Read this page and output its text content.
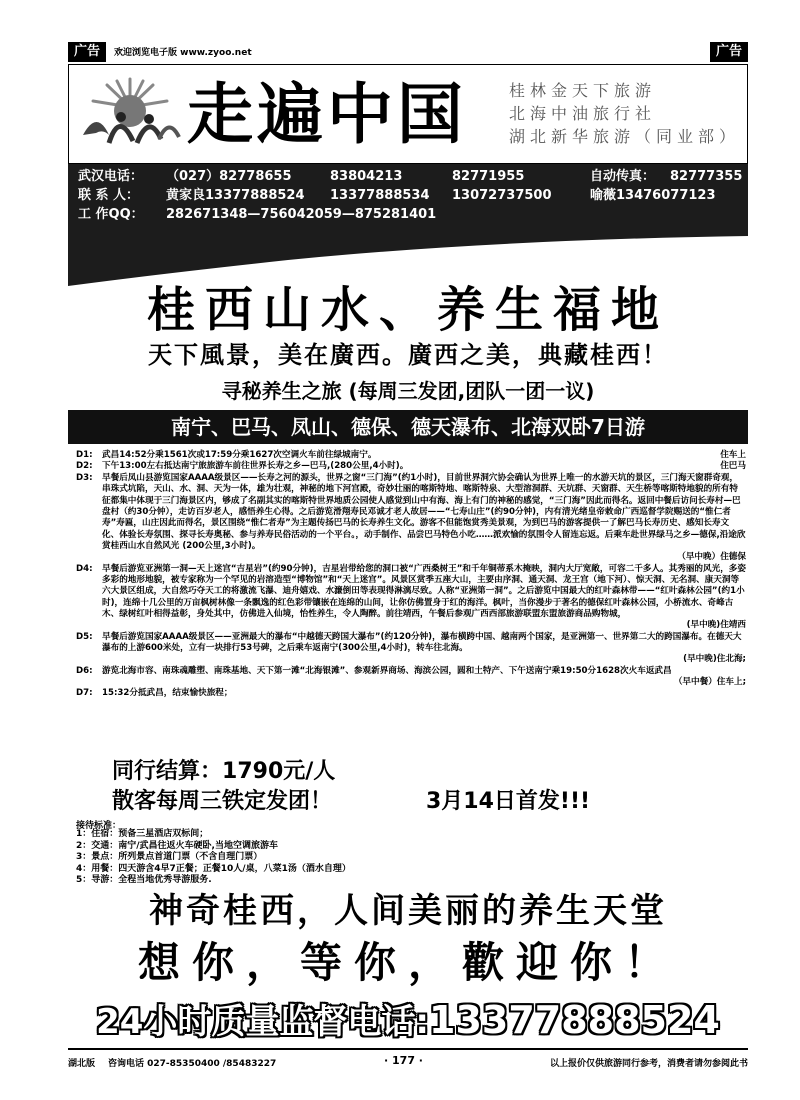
广告	欢迎浏览电子版 www.zyoo.net	广告
走遍中国	桂林金天下旅游
北海中油旅行社
湖北新华旅游（同业部）
武汉电话： （027）82778655	83804213	82771955	自动传真： 82777355
联 系 人： 黄家良13377888524 13377888534 13072737500	喻薇13476077123
工 作QQ： 282671348—756042059—875281401
桂西山水、养生福地
天下風景，美在廣西。廣西之美，典藏桂西！
寻秘养生之旅 (每周三发团,团队一团一议)
南宁、巴马、凤山、德保、德天瀑布、北海双卧7日游
D1:	武昌14:52分乘1561次或17:59分乘1627次空调火车前往绿城南宁。	住车上
D2:	下午13:00左右抵达南宁旅旅游车前往世界长寿之乡—巴马,(280公里,4小时)。	住巴马
D3:	早餐后凤山县游览国家AAAA级景区——长寿之河的源头，世界之窗“三门海”(约1小时)，目前世界洞穴协会确认为世界上唯一的水游天坑的景区，三门海天窗群奇观，串珠式坑陷，天山、水、洞、天为一体，雄为壮观，神秘的地下河宫殿，奇妙壮丽的喀斯特地、喀斯特泉、大型溶洞群、天坑群、天窗群、天生桥等喀斯特地貌的所有特征都集中体现于三门海景区内，够成了名副其实的喀斯特世界地质公园使人感觉到山中有海、海上有门的神秘的感觉，“三门海”因此而得名。返回中餐后访问长寿村—巴盘村（约30分钟），走访百岁老人，感悟养生心得。之后游览滑翔寿民邓诚才老人故居——“七寿山庄”(约90分钟)，内有清光绪皇帝敕命广西巡督学院赐送的“惟仁者寿”寿匾，山庄因此而得名，景区围绕“惟仁者寿”为主题传扬巴马的长寿养生文化。游客不但能饱赏秀美景观，为到巴马的游客提供一了解巴马长寿历史、感知长寿文化、体验长寿氛围、探寻长寿奥秘、参与养寿民俗活动的一个平台。，动手制作、品尝巴马特色小吃……派欢愉的氛围令人留连忘返。后乘车赴世界绿马之乡—德保,沿途欣赏桂西山水自然风光 (200公里,3小时)。
（早中晚）住德保
D4:	早餐后游览亚洲第一洞—天上迷宫“吉星岩”(约90分钟)，吉星岩带给您的洞口被“广西桑树王”和千年铜蒂系木掩映，洞内大厅宽敞，可容二千多人。其秀丽的风光，多姿多彩的地形地貌，被专家称为一个罕见的岩溶造型“博物馆”和“天上迷宫”。风景区赏季五座大山，主要由序洞、通天洞、龙王宫（地下河）、惊天洞、无名洞、康天洞等六大景区组成，大自然巧夺天工的将激流飞瀑、迪舟嬉戏、水濂倒田等表现得淋漓尽致。人称“亚洲第一洞”。之后游览中国最大的红叶森林带——“红叶森林公园”(约1小时)，连绵十几公里的万亩枫树林像一条飘逸的红色彩带镶嵌在连绵的山间，让你仿佛置身于红的海洋。枫叶，当你漫步于著名的德保红叶森林公园，小桥流水、奇峰古木、绿树红叶相得益彰，身处其中，仿佛进入仙境，怡性养生，令人陶醉。前往靖西，午餐后参观广西西部旅游联盟东盟旅游商品购物城，
(早中晚)住靖西
D5:	早餐后游览国家AAAA级景区——亚洲最大的瀑布“中越德天跨国大瀑布”(约120分钟)，瀑布横跨中国、越南两个国家，是亚洲第一、世界第二大的跨国瀑布。在德天大瀑布的上游600米处，立有一块排行53号碑，之后乘车返南宁(300公里,4小时)，转车往北海。
(早中晚)住北海;
D6:	游览北海市容、南珠魂雕塑、南珠基地、天下第一滩“北海银滩”、参观新界商场、海滨公园，圆和土特产、下午送南宁乘19:50分1628次火车返武昌
（早中餐）住车上;
D7:	15:32分抵武昌，结束愉快旅程；
同行结算：1790元/人
散客每周三铁定发团！	3月14日首发!!!
接待标准：
1：住宿：预备三星酒店双标间；
2：交通：南宁/武昌往返火车硬卧,当地空调旅游车
3：景点：所列景点首道门票（不含自理门票）
4：用餐：四天游含4早7正餐；正餐10人/桌，八菜1汤（酒水自理）
5：导游：全程当地优秀导游服务.
神奇桂西，人间美丽的养生天堂
想你，等你，歡迎你！
24小时质量监督电话:13377888524
湖北版 咨询电话 027-85350400 /85483227	· 177 ·	以上报价仅供旅游同行参考，消费者请勿参阅此书
